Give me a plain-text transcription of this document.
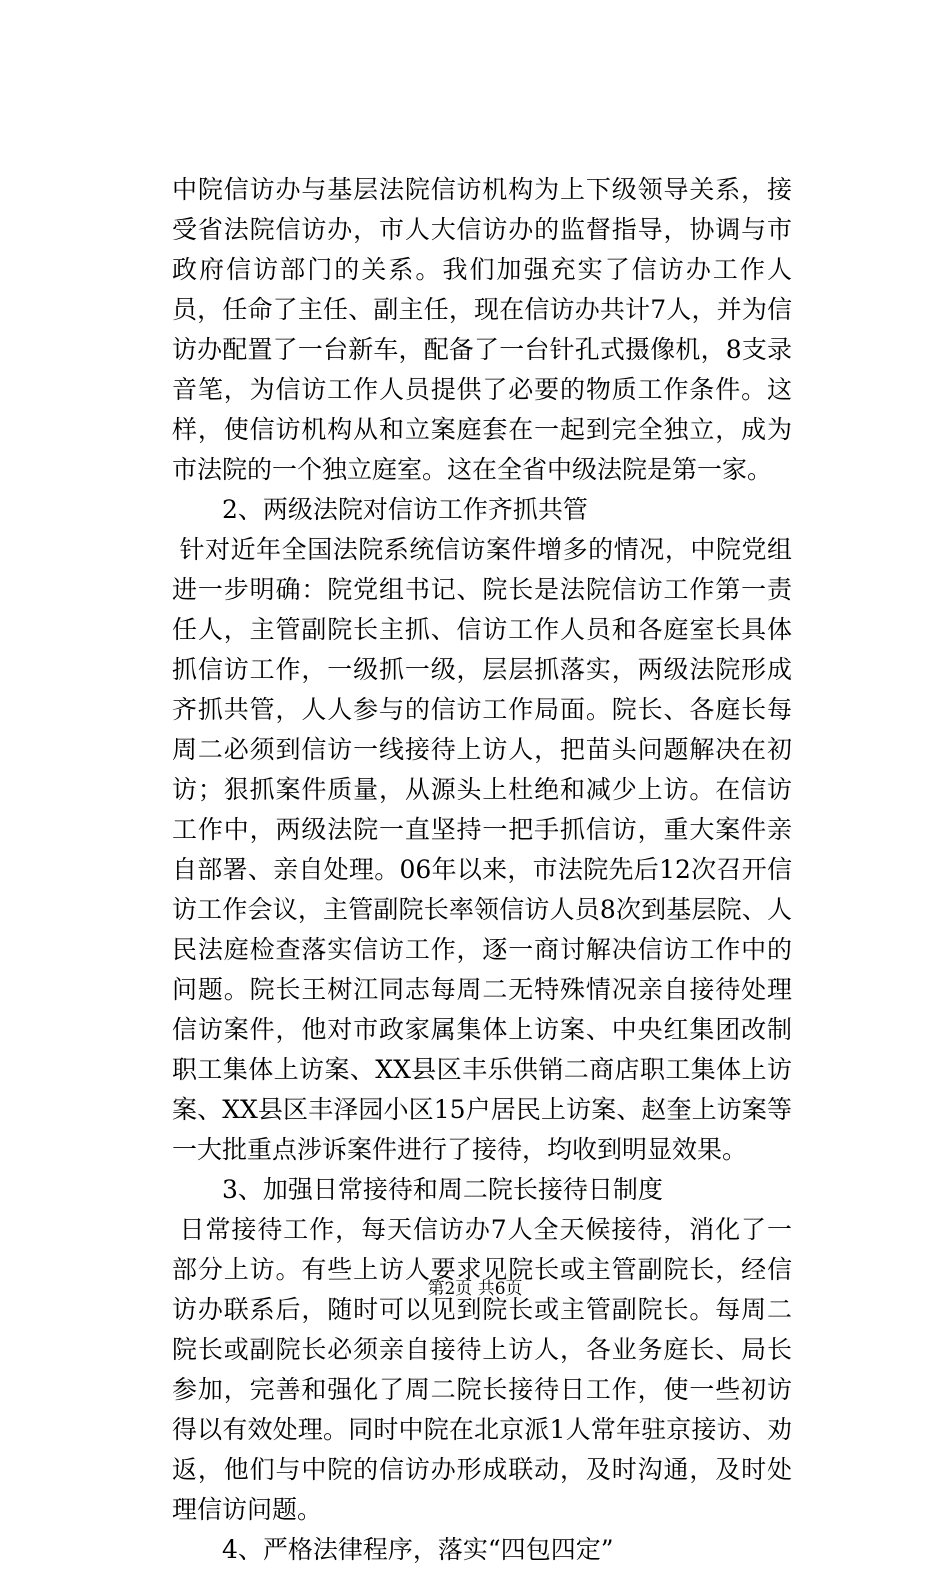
中院信访办与基层法院信访机构为上下级领导关系，接受省法院信访办，市人大信访办的监督指导，协调与市政府信访部门的关系。我们加强充实了信访办工作人员，任命了主任、副主任，现在信访办共计7人，并为信访办配置了一台新车，配备了一台针孔式摄像机，8支录音笔，为信访工作人员提供了必要的物质工作条件。这样，使信访机构从和立案庭套在一起到完全独立，成为市法院的一个独立庭室。这在全省中级法院是第一家。

2、两级法院对信访工作齐抓共管

针对近年全国法院系统信访案件增多的情况，中院党组进一步明确：院党组书记、院长是法院信访工作第一责任人，主管副院长主抓、信访工作人员和各庭室长具体抓信访工作，一级抓一级，层层抓落实，两级法院形成齐抓共管，人人参与的信访工作局面。院长、各庭长每周二必须到信访一线接待上访人，把苗头问题解决在初访；狠抓案件质量，从源头上杜绝和减少上访。在信访工作中，两级法院一直坚持一把手抓信访，重大案件亲自部署、亲自处理。06年以来，市法院先后12次召开信访工作会议，主管副院长率领信访人员8次到基层院、人民法庭检查落实信访工作，逐一商讨解决信访工作中的问题。院长王树江同志每周二无特殊情况亲自接待处理信访案件，他对市政家属集体上访案、中央红集团改制职工集体上访案、XX县区丰乐供销二商店职工集体上访案、XX县区丰泽园小区15户居民上访案、赵奎上访案等一大批重点涉诉案件进行了接待，均收到明显效果。

3、加强日常接待和周二院长接待日制度

日常接待工作，每天信访办7人全天候接待，消化了一部分上访。有些上访人要求见院长或主管副院长，经信访办联系后，随时可以见到院长或主管副院长。每周二院长或副院长必须亲自接待上访人，各业务庭长、局长参加，完善和强化了周二院长接待日工作，使一些初访得以有效处理。同时中院在北京派1人常年驻京接访、劝返，他们与中院的信访办形成联动，及时沟通，及时处理信访问题。

4、严格法律程序，落实“四包四定”

第2页 共6页
